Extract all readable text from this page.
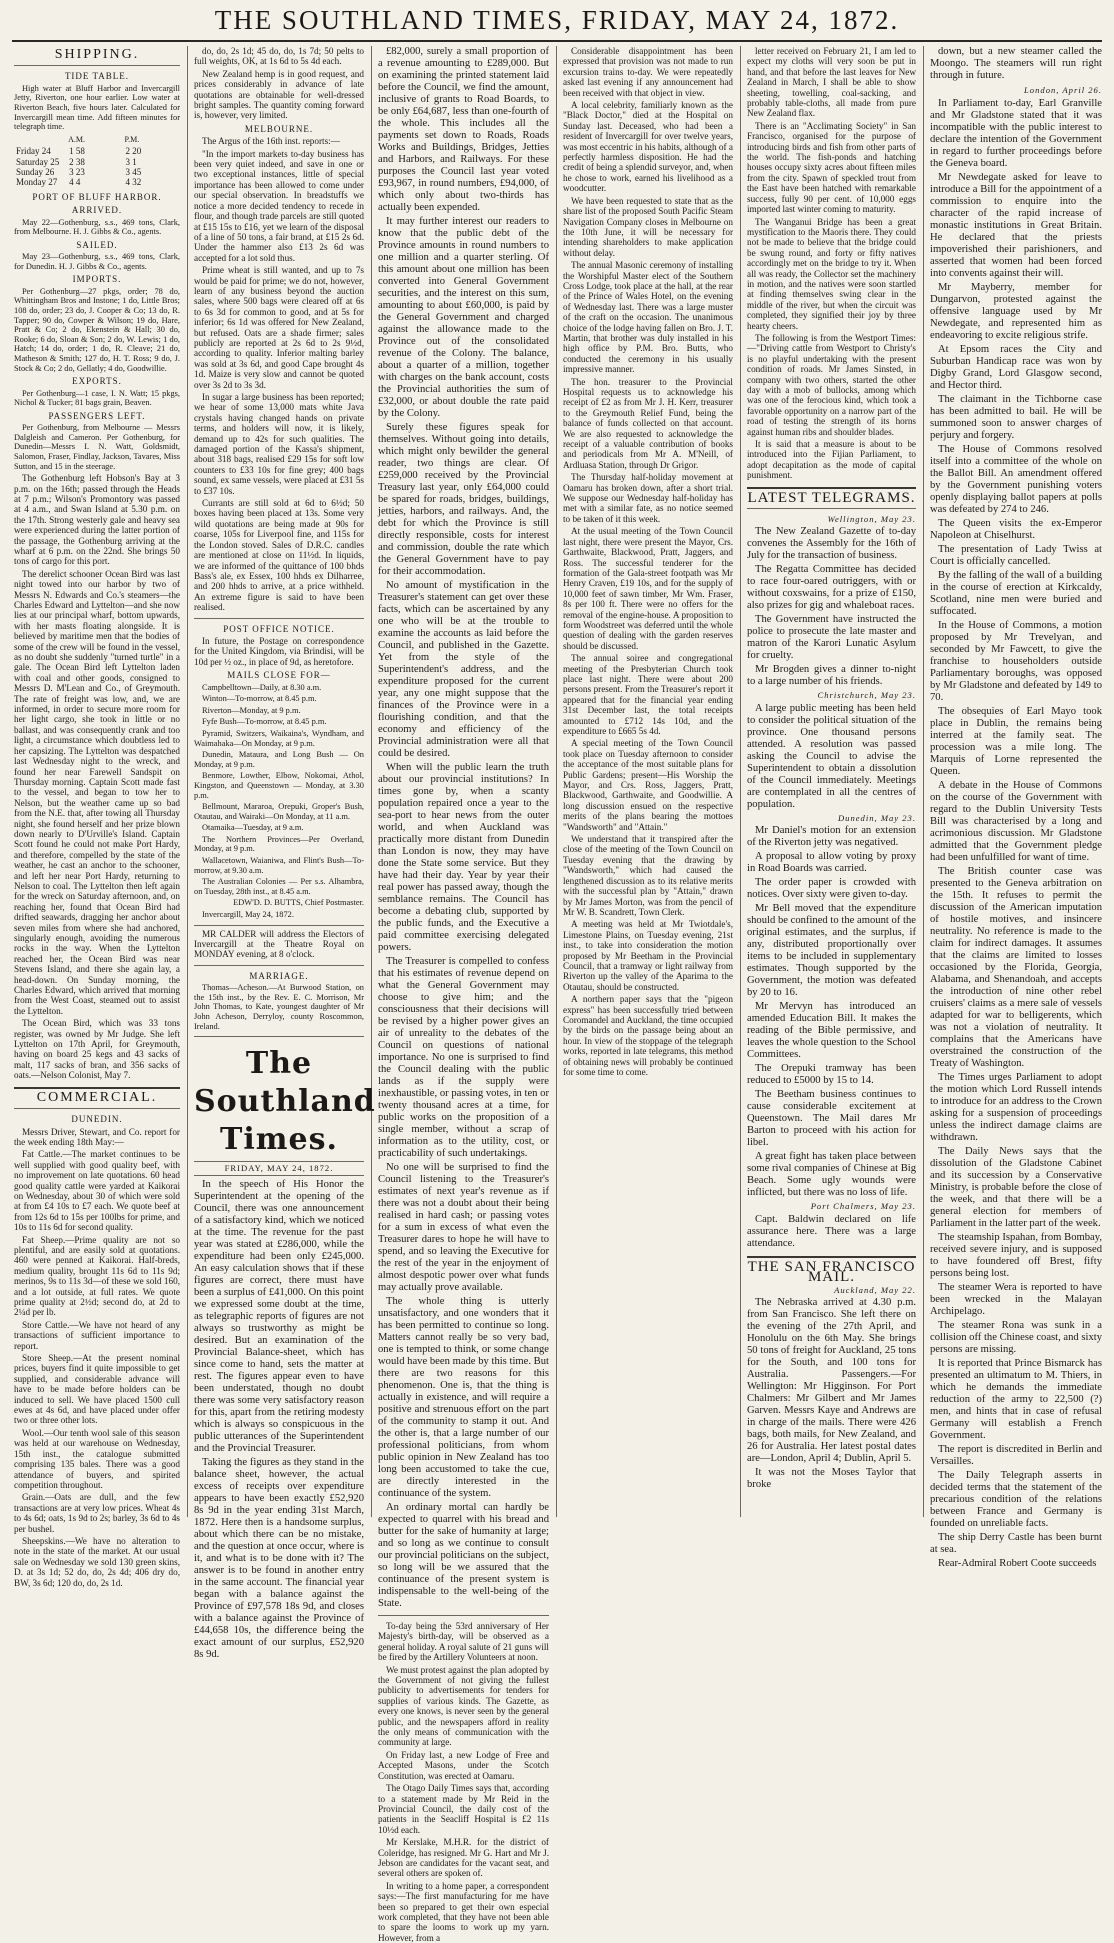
THE SOUTHLAND TIMES, FRIDAY, MAY 24, 1872.
SHIPPING.
TIDE TABLE.

High water at Bluff Harbor and Invercargill Jetty, Riverton, one hour earlier. Low water at Riverton Beach, five hours later. Calculated for Invercargill mean time. Add fifteen minutes for telegraph time.

	A.M.	P.M.
Friday 24	1 58	2 20
Saturday 25	2 38	3 1
Sunday 26	3 23	3 45
Monday 27	4 4	4 32
PORT OF BLUFF HARBOR.
ARRIVED.

May 22—Gothenburg, s.s., 469 tons, Clark, from Melbourne. H. J. Gibbs & Co., agents.

SAILED.

May 23—Gothenburg, s.s., 469 tons, Clark, for Dunedin. H. J. Gibbs & Co., agents.

IMPORTS.

Per Gothenburg—27 pkgs, order; 78 do, Whittingham Bros and Instone; 1 do, Little Bros; 108 do, order; 23 do, J. Cooper & Co; 13 do, R. Tapper; 90 do, Cowper & Wilson; 19 do, Hare, Pratt & Co; 2 do, Ekenstein & Hall; 30 do, Rooke; 6 do, Sloan & Son; 2 do, W. Lewis; 1 do, Hatch; 14 do, order; 1 do, R. Cleave; 21 do, Matheson & Smith; 127 do, H. T. Ross; 9 do, J. Stock & Co; 2 do, Gellatly; 4 do, Goodwillie.

EXPORTS.

Per Gothenburg—1 case, I. N. Watt; 15 pkgs, Nichol & Tucker; 81 bags grain, Beaven.

PASSENGERS LEFT.

Per Gothenburg, from Melbourne — Messrs Dalgleish and Cameron. Per Gothenburg, for Dunedin—Messrs I. N. Watt, Goldsmidt, Salomon, Fraser, Findlay, Jackson, Tavares, Miss Sutton, and 15 in the steerage.

The Gothenburg left Hobson's Bay at 3 p.m. on the 16th; passed through the Heads at 7 p.m.; Wilson's Promontory was passed at 4 a.m., and Swan Island at 5.30 p.m. on the 17th. Strong westerly gale and heavy sea were experienced during the latter portion of the passage, the Gothenburg arriving at the wharf at 6 p.m. on the 22nd. She brings 50 tons of cargo for this port.

The derelict schooner Ocean Bird was last night towed into our harbor by two of Messrs N. Edwards and Co.'s steamers—the Charles Edward and Lyttelton—and she now lies at our principal wharf, bottom upwards, with her masts floating alongside. It is believed by maritime men that the bodies of some of the crew will be found in the vessel, as no doubt she suddenly "turned turtle" in a gale. The Ocean Bird left Lyttelton laden with coal and other goods, consigned to Messrs D. M'Lean and Co., of Greymouth. The rate of freight was low, and, we are informed, in order to secure more room for her light cargo, she took in little or no ballast, and was consequently crank and too light, a circumstance which doubtless led to her capsizing. The Lyttelton was despatched last Wednesday night to the wreck, and found her near Farewell Sandspit on Thursday morning. Captain Scott made fast to the vessel, and began to tow her to Nelson, but the weather came up so bad from the N.E. that, after towing all Thursday night, she found herself and her prize blown down nearly to D'Urville's Island. Captain Scott found he could not make Port Hardy, and therefore, compelled by the state of the weather, he cast an anchor to the schooner, and left her near Port Hardy, returning to Nelson to coal. The Lyttelton then left again for the wreck on Saturday afternoon, and, on reaching her, found that Ocean Bird had drifted seawards, dragging her anchor about seven miles from where she had anchored, singularly enough, avoiding the numerous rocks in the way. When the Lyttelton reached her, the Ocean Bird was near Stevens Island, and there she again lay, a head-down. On Sunday morning, the Charles Edward, which arrived that morning from the West Coast, steamed out to assist the Lyttelton.

The Ocean Bird, which was 33 tons register, was owned by Mr Judge. She left Lyttelton on 17th April, for Greymouth, having on board 25 kegs and 43 sacks of malt, 117 sacks of bran, and 356 sacks of oats.—Nelson Colonist, May 7.

COMMERCIAL.
DUNEDIN.

Messrs Driver, Stewart, and Co. report for the week ending 18th May:—

Fat Cattle.—The market continues to be well supplied with good quality beef, with no improvement on late quotations. 60 head good quality cattle were yarded at Kaikorai on Wednesday, about 30 of which were sold at from £4 10s to £7 each. We quote beef at from 12s 6d to 15s per 100lbs for prime, and 10s to 11s 6d for second quality.

Fat Sheep.—Prime quality are not so plentiful, and are easily sold at quotations. 460 were penned at Kaikorai. Half-breds, medium quality, brought 11s 6d to 11s 9d; merinos, 9s to 11s 3d—of these we sold 160, and a lot outside, at full rates. We quote prime quality at 2½d; second do, at 2d to 2¼d per lb.

Store Cattle.—We have not heard of any transactions of sufficient importance to report.

Store Sheep.—At the present nominal prices, buyers find it quite impossible to get supplied, and considerable advance will have to be made before holders can be induced to sell. We have placed 1500 cull ewes at 4s 6d, and have placed under offer two or three other lots.

Wool.—Our tenth wool sale of this season was held at our warehouse on Wednesday, 15th inst., the catalogue submitted comprising 135 bales. There was a good attendance of buyers, and spirited competition throughout.

Grain.—Oats are dull, and the few transactions are at very low prices. Wheat 4s to 4s 6d; oats, 1s 9d to 2s; barley, 3s 6d to 4s per bushel.

Sheepskins.—We have no alteration to note in the state of the market. At our usual sale on Wednesday we sold 130 green skins, D. at 3s 1d; 52 do, do, 2s 4d; 406 dry do, BW, 3s 6d; 120 do, do, 2s 1d.

do, do, 2s 1d; 45 do, do, 1s 7d; 50 pelts to full weights, OK, at 1s 6d to 5s 4d each.

New Zealand hemp is in good request, and prices considerably in advance of late quotations are obtainable for well-dressed bright samples. The quantity coming forward is, however, very limited.

MELBOURNE.

The Argus of the 16th inst. reports:—

"In the import markets to-day business has been very quiet indeed, and save in one or two exceptional instances, little of special importance has been allowed to come under our special observation. In breadstuffs we notice a more decided tendency to recede in flour, and though trade parcels are still quoted at £15 15s to £16, yet we learn of the disposal of a line of 50 tons, a fair brand, at £15 2s 6d. Under the hammer also £13 2s 6d was accepted for a lot sold thus.

Prime wheat is still wanted, and up to 7s would be paid for prime; we do not, however, learn of any business beyond the auction sales, where 500 bags were cleared off at 6s to 6s 3d for common to good, and at 5s for inferior; 6s 1d was offered for New Zealand, but refused. Oats are a shade firmer; sales publicly are reported at 2s 6d to 2s 9½d, according to quality. Inferior malting barley was sold at 3s 6d, and good Cape brought 4s 1d. Maize is very slow and cannot be quoted over 3s 2d to 3s 3d.

In sugar a large business has been reported; we hear of some 13,000 mats white Java crystals having changed hands on private terms, and holders will now, it is likely, demand up to 42s for such qualities. The damaged portion of the Kassa's shipment, about 318 bags, realised £29 15s for soft low counters to £33 10s for fine grey; 400 bags sound, ex same vessels, were placed at £31 5s to £37 10s.

Currants are still sold at 6d to 6½d; 50 boxes having been placed at 13s. Some very wild quotations are being made at 90s for coarse, 105s for Liverpool fine, and 115s for the London stoved. Sales of D.R.C. candles are mentioned at close on 11½d. In liquids, we are informed of the quittance of 100 bhds Bass's ale, ex Essex, 100 hhds ex Dilharree, and 200 hhds to arrive, at a price withheld. An extreme figure is said to have been realised.

POST OFFICE NOTICE.

In future, the Postage on correspondence for the United Kingdom, via Brindisi, will be 10d per ½ oz., in place of 9d, as heretofore.

MAILS CLOSE FOR—

Campbelltown—Daily, at 8.30 a.m.

Winton—To-morrow, at 8.45 p.m.

Riverton—Monday, at 9 p.m.

Fyfe Bush—To-morrow, at 8.45 p.m.

Pyramid, Switzers, Waikaina's, Wyndham, and Waimahaka—On Monday, at 9 p.m.

Dunedin, Mataura, and Long Bush — On Monday, at 9 p.m.

Benmore, Lowther, Elbow, Nokomai, Athol, Kingston, and Queenstown — Monday, at 3.30 p.m.

Bellmount, Mararoa, Orepuki, Groper's Bush, Otautau, and Wairaki—On Monday, at 11 a.m.

Otamaika—Tuesday, at 9 a.m.

The Northern Provinces—Per Overland, Monday, at 9 p.m.

Wallacetown, Waianiwa, and Flint's Bush—To-morrow, at 9.30 a.m.

The Australian Colonies — Per s.s. Alhambra, on Tuesday, 28th inst., at 8.45 a.m.

EDW'D. D. BUTTS, Chief Postmaster.

Invercargill, May 24, 1872.

MR CALDER will address the Electors of Invercargill at the Theatre Royal on MONDAY evening, at 8 o'clock.

MARRIAGE.

Thomas—Acheson.—At Burwood Station, on the 15th inst., by the Rev. E. C. Morrison, Mr John Thomas, to Kate, youngest daughter of Mr John Acheson, Derryloy, county Roscommon, Ireland.

The Southland Times.
FRIDAY, MAY 24, 1872.

In the speech of His Honor the Superintendent at the opening of the Council, there was one announcement of a satisfactory kind, which we noticed at the time. The revenue for the past year was stated at £286,000, while the expenditure had been only £245,000. An easy calculation shows that if these figures are correct, there must have been a surplus of £41,000. On this point we expressed some doubt at the time, as telegraphic reports of figures are not always so trustworthy as might be desired. But an examination of the Provincial Balance-sheet, which has since come to hand, sets the matter at rest. The figures appear even to have been understated, though no doubt there was some very satisfactory reason for this, apart from the retiring modesty which is always so conspicuous in the public utterances of the Superintendent and the Provincial Treasurer.

Taking the figures as they stand in the balance sheet, however, the actual excess of receipts over expenditure appears to have been exactly £52,920 8s 9d in the year ending 31st March, 1872. Here then is a handsome surplus, about which there can be no mistake, and the question at once occur, where is it, and what is to be done with it? The answer is to be found in another entry in the same account. The financial year began with a balance against the Province of £97,578 18s 9d, and closes with a balance against the Province of £44,658 10s, the difference being the exact amount of our surplus, £52,920 8s 9d.

£82,000, surely a small proportion of a revenue amounting to £289,000. But on examining the printed statement laid before the Council, we find the amount, inclusive of grants to Road Boards, to be only £64,687, less than one-fourth of the whole. This includes all the payments set down to Roads, Roads Works and Buildings, Bridges, Jetties and Harbors, and Railways. For these purposes the Council last year voted £93,967, in round numbers, £94,000, of which only about two-thirds has actually been expended.

It may further interest our readers to know that the public debt of the Province amounts in round numbers to one million and a quarter sterling. Of this amount about one million has been converted into General Government securities, and the interest on this sum, amounting to about £60,000, is paid by the General Government and charged against the allowance made to the Province out of the consolidated revenue of the Colony. The balance, about a quarter of a million, together with charges on the bank account, costs the Provincial authorities the sum of £32,000, or about double the rate paid by the Colony.

Surely these figures speak for themselves. Without going into details, which might only bewilder the general reader, two things are clear. Of £259,000 received by the Provincial Treasury last year, only £64,000 could be spared for roads, bridges, buildings, jetties, harbors, and railways. And, the debt for which the Province is still directly responsible, costs for interest and commission, double the rate which the General Government have to pay for their accommodation.

No amount of mystification in the Treasurer's statement can get over these facts, which can be ascertained by any one who will be at the trouble to examine the accounts as laid before the Council, and published in the Gazette. Yet from the style of the Superintendent's address, and the expenditure proposed for the current year, any one might suppose that the finances of the Province were in a flourishing condition, and that the economy and efficiency of the Provincial administration were all that could be desired.

When will the public learn the truth about our provincial institutions? In times gone by, when a scanty population repaired once a year to the sea-port to hear news from the outer world, and when Auckland was practically more distant from Dunedin than London is now, they may have done the State some service. But they have had their day. Year by year their real power has passed away, though the semblance remains. The Council has become a debating club, supported by the public funds, and the Executive a paid committee exercising delegated powers.

The Treasurer is compelled to confess that his estimates of revenue depend on what the General Government may choose to give him; and the consciousness that their decisions will be revised by a higher power gives an air of unreality to the debates of the Council on questions of national importance. No one is surprised to find the Council dealing with the public lands as if the supply were inexhaustible, or passing votes, in ten or twenty thousand acres at a time, for public works on the proposition of a single member, without a scrap of information as to the utility, cost, or practicability of such undertakings.

No one will be surprised to find the Council listening to the Treasurer's estimates of next year's revenue as if there was not a doubt about their being realised in hard cash; or passing votes for a sum in excess of what even the Treasurer dares to hope he will have to spend, and so leaving the Executive for the rest of the year in the enjoyment of almost despotic power over what funds may actually prove available.

The whole thing is utterly unsatisfactory, and one wonders that it has been permitted to continue so long. Matters cannot really be so very bad, one is tempted to think, or some change would have been made by this time. But there are two reasons for this phenomenon. One is, that the thing is actually in existence, and will require a positive and strenuous effort on the part of the community to stamp it out. And the other is, that a large number of our professional politicians, from whom public opinion in New Zealand has too long been accustomed to take the cue, are directly interested in the continuance of the system.

An ordinary mortal can hardly be expected to quarrel with his bread and butter for the sake of humanity at large; and so long as we continue to consult our provincial politicians on the subject, so long will be we assured that the continuance of the present system is indispensable to the well-being of the State.

To-day being the 53rd anniversary of Her Majesty's birth-day, will be observed as a general holiday. A royal salute of 21 guns will be fired by the Artillery Volunteers at noon.

We must protest against the plan adopted by the Government of not giving the fullest publicity to advertisements for tenders for supplies of various kinds. The Gazette, as every one knows, is never seen by the general public, and the newspapers afford in reality the only means of communication with the community at large.

On Friday last, a new Lodge of Free and Accepted Masons, under the Scotch Constitution, was erected at Oamaru.

The Otago Daily Times says that, according to a statement made by Mr Reid in the Provincial Council, the daily cost of the patients in the Seacliff Hospital is £2 11s 10½d each.

Mr Kerslake, M.H.R. for the district of Coleridge, has resigned. Mr G. Hart and Mr J. Jebson are candidates for the vacant seat, and several others are spoken of.

In writing to a home paper, a correspondent says:—The first manufacturing for me have been so prepared to get their own especial work completed, that they have not been able to spare the looms to work up my yarn. However, from a

Considerable disappointment has been expressed that provision was not made to run excursion trains to-day. We were repeatedly asked last evening if any announcement had been received with that object in view.

A local celebrity, familiarly known as the "Black Doctor," died at the Hospital on Sunday last. Deceased, who had been a resident of Invercargill for over twelve years, was most eccentric in his habits, although of a perfectly harmless disposition. He had the credit of being a splendid surveyor, and, when he chose to work, earned his livelihood as a woodcutter.

We have been requested to state that as the share list of the proposed South Pacific Steam Navigation Company closes in Melbourne on the 10th June, it will be necessary for intending shareholders to make application without delay.

The annual Masonic ceremony of installing the Worshipful Master elect of the Southern Cross Lodge, took place at the hall, at the rear of the Prince of Wales Hotel, on the evening of Wednesday last. There was a large muster of the craft on the occasion. The unanimous choice of the lodge having fallen on Bro. J. T. Martin, that brother was duly installed in his high office by P.M. Bro. Butts, who conducted the ceremony in his usually impressive manner.

The hon. treasurer to the Provincial Hospital requests us to acknowledge his receipt of £2 as from Mr J. H. Kerr, treasurer to the Greymouth Relief Fund, being the balance of funds collected on that account. We are also requested to acknowledge the receipt of a valuable contribution of books and periodicals from Mr A. M'Neill, of Ardluasa Station, through Dr Grigor.

The Thursday half-holiday movement at Oamaru has broken down, after a short trial. We suppose our Wednesday half-holiday has met with a similar fate, as no notice seemed to be taken of it this week.

At the usual meeting of the Town Council last night, there were present the Mayor, Crs. Garthwaite, Blackwood, Pratt, Jaggers, and Ross. The successful tenderer for the formation of the Gala-street footpath was Mr Henry Craven, £19 10s, and for the supply of 10,000 feet of sawn timber, Mr Wm. Fraser, 8s per 100 ft. There were no offers for the removal of the engine-house. A proposition to form Woodstreet was deferred until the whole question of dealing with the garden reserves should be discussed.

The annual soiree and congregational meeting of the Presbyterian Church took place last night. There were about 200 persons present. From the Treasurer's report it appeared that for the financial year ending 31st December last, the total receipts amounted to £712 14s 10d, and the expenditure to £665 5s 4d.

A special meeting of the Town Council took place on Tuesday afternoon to consider the acceptance of the most suitable plans for Public Gardens; present—His Worship the Mayor, and Crs. Ross, Jaggers, Pratt, Blackwood, Garthwaite, and Goodwillie. A long discussion ensued on the respective merits of the plans bearing the mottoes "Wandsworth" and "Attain."

We understand that it transpired after the close of the meeting of the Town Council on Tuesday evening that the drawing by "Wandsworth," which had caused the lengthened discussion as to its relative merits with the successful plan by "Attain," drawn by Mr James Morton, was from the pencil of Mr W. B. Scandrett, Town Clerk.

A meeting was held at Mr Twiotdale's, Limestone Plains, on Tuesday evening, 21st inst., to take into consideration the motion proposed by Mr Beetham in the Provincial Council, that a tramway or light railway from Riverton up the valley of the Aparima to the Otautau, should be constructed.

A northern paper says that the "pigeon express" has been successfully tried between Coromandel and Auckland, the time occupied by the birds on the passage being about an hour. In view of the stoppage of the telegraph works, reported in late telegrams, this method of obtaining news will probably be continued for some time to come.

letter received on February 21, I am led to expect my cloths will very soon be put in hand, and that before the last leaves for New Zealand in March, I shall be able to show sheeting, towelling, coal-sacking, and probably table-cloths, all made from pure New Zealand flax.

There is an "Acclimating Society" in San Francisco, organised for the purpose of introducing birds and fish from other parts of the world. The fish-ponds and hatching houses occupy sixty acres about fifteen miles from the city. Spawn of speckled trout from the East have been hatched with remarkable success, fully 90 per cent. of 10,000 eggs imported last winter coming to maturity.

The Wanganui Bridge has been a great mystification to the Maoris there. They could not be made to believe that the bridge could be swung round, and forty or fifty natives accordingly met on the bridge to try it. When all was ready, the Collector set the machinery in motion, and the natives were soon startled at finding themselves swing clear in the middle of the river, but when the circuit was completed, they signified their joy by three hearty cheers.

The following is from the Westport Times:—"Driving cattle from Westport to Christy's is no playful undertaking with the present condition of roads. Mr James Sinsted, in company with two others, started the other day with a mob of bullocks, among which was one of the ferocious kind, which took a favorable opportunity on a narrow part of the road of testing the strength of its horns against human ribs and shoulder blades.

It is said that a measure is about to be introduced into the Fijian Parliament, to adopt decapitation as the mode of capital punishment.

LATEST TELEGRAMS.
Wellington, May 23.

The New Zealand Gazette of to-day convenes the Assembly for the 16th of July for the transaction of business.

The Regatta Committee has decided to race four-oared outriggers, with or without coxswains, for a prize of £150, also prizes for gig and whaleboat races.

The Government have instructed the police to prosecute the late master and matron of the Karori Lunatic Asylum for cruelty.

Mr Brogden gives a dinner to-night to a large number of his friends.

Christchurch, May 23.

A large public meeting has been held to consider the political situation of the province. One thousand persons attended. A resolution was passed asking the Council to advise the Superintendent to obtain a dissolution of the Council immediately. Meetings are contemplated in all the centres of population.

Dunedin, May 23.

Mr Daniel's motion for an extension of the Riverton jetty was negatived.

A proposal to allow voting by proxy in Road Boards was carried.

The order paper is crowded with notices. Over sixty were given to-day.

Mr Bell moved that the expenditure should be confined to the amount of the original estimates, and the surplus, if any, distributed proportionally over items to be included in supplementary estimates. Though supported by the Government, the motion was defeated by 20 to 16.

Mr Mervyn has introduced an amended Education Bill. It makes the reading of the Bible permissive, and leaves the whole question to the School Committees.

The Orepuki tramway has been reduced to £5000 by 15 to 14.

The Beetham business continues to cause considerable excitement at Queenstown. The Mail dares Mr Barton to proceed with his action for libel.

A great fight has taken place between some rival companies of Chinese at Big Beach. Some ugly wounds were inflicted, but there was no loss of life.

Port Chalmers, May 23.

Capt. Baldwin declared on life assurance here. There was a large attendance.

THE SAN FRANCISCO MAIL.
Auckland, May 22.

The Nebraska arrived at 4.30 p.m. from San Francisco. She left there on the evening of the 27th April, and Honolulu on the 6th May. She brings 50 tons of freight for Auckland, 25 tons for the South, and 100 tons for Australia. Passengers.—For Wellington: Mr Higginson. For Port Chalmers: Mr Gilbert and Mr James Garven. Messrs Kaye and Andrews are in charge of the mails. There were 426 bags, both mails, for New Zealand, and 26 for Australia. Her latest postal dates are—London, April 4; Dublin, April 5.

It was not the Moses Taylor that broke

down, but a new steamer called the Moongo. The steamers will run right through in future.

London, April 26.

In Parliament to-day, Earl Granville and Mr Gladstone stated that it was incompatible with the public interest to declare the intention of the Government in regard to further proceedings before the Geneva board.

Mr Newdegate asked for leave to introduce a Bill for the appointment of a commission to enquire into the character of the rapid increase of monastic institutions in Great Britain. He declared that the priests impoverished their parishioners, and asserted that women had been forced into convents against their will.

Mr Mayberry, member for Dungarvon, protested against the offensive language used by Mr Newdegate, and represented him as endeavoring to excite religious strife.

At Epsom races the City and Suburban Handicap race was won by Digby Grand, Lord Glasgow second, and Hector third.

The claimant in the Tichborne case has been admitted to bail. He will be summoned soon to answer charges of perjury and forgery.

The House of Commons resolved itself into a committee of the whole on the Ballot Bill. An amendment offered by the Government punishing voters openly displaying ballot papers at polls was defeated by 274 to 246.

The Queen visits the ex-Emperor Napoleon at Chiselhurst.

The presentation of Lady Twiss at Court is officially cancelled.

By the falling of the wall of a building in the course of erection at Kirkcaldy, Scotland, nine men were buried and suffocated.

In the House of Commons, a motion proposed by Mr Trevelyan, and seconded by Mr Fawcett, to give the franchise to householders outside Parliamentary boroughs, was opposed by Mr Gladstone and defeated by 149 to 70.

The obsequies of Earl Mayo took place in Dublin, the remains being interred at the family seat. The procession was a mile long. The Marquis of Lorne represented the Queen.

A debate in the House of Commons on the course of the Government with regard to the Dublin University Tests Bill was characterised by a long and acrimonious discussion. Mr Gladstone admitted that the Government pledge had been unfulfilled for want of time.

The British counter case was presented to the Geneva arbitration on the 15th. It refuses to permit the discussion of the American imputation of hostile motives, and insincere neutrality. No reference is made to the claim for indirect damages. It assumes that the claims are limited to losses occasioned by the Florida, Georgia, Alabama, and Shenandoah, and accepts the introduction of nine other rebel cruisers' claims as a mere sale of vessels adapted for war to belligerents, which was not a violation of neutrality. It complains that the Americans have overstrained the construction of the Treaty of Washington.

The Times urges Parliament to adopt the motion which Lord Russell intends to introduce for an address to the Crown asking for a suspension of proceedings unless the indirect damage claims are withdrawn.

The Daily News says that the dissolution of the Gladstone Cabinet and its succession by a Conservative Ministry, is probable before the close of the week, and that there will be a general election for members of Parliament in the latter part of the week.

The steamship Ispahan, from Bombay, received severe injury, and is supposed to have foundered off Brest, fifty persons being lost.

The steamer Wera is reported to have been wrecked in the Malayan Archipelago.

The steamer Rona was sunk in a collision off the Chinese coast, and sixty persons are missing.

It is reported that Prince Bismarck has presented an ultimatum to M. Thiers, in which he demands the immediate reduction of the army to 22,500 (?) men, and hints that in case of refusal Germany will establish a French Government.

The report is discredited in Berlin and Versailles.

The Daily Telegraph asserts in decided terms that the statement of the precarious condition of the relations between France and Germany is founded on unreliable facts.

The ship Derry Castle has been burnt at sea.

Rear-Admiral Robert Coote succeeds
